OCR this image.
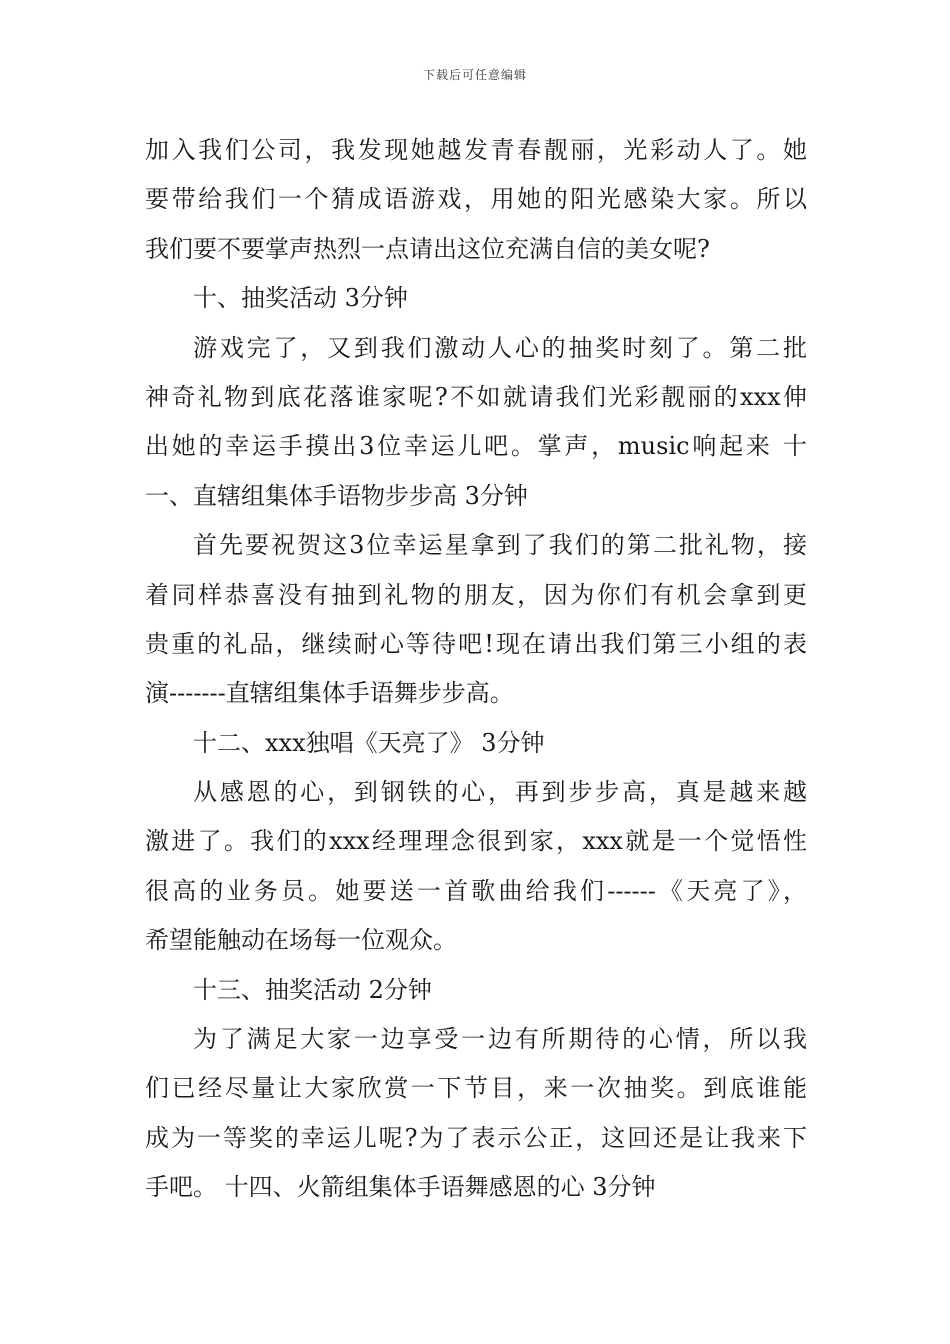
下载后可任意编辑
加入我们公司，我发现她越发青春靓丽，光彩动人了。她
要带给我们一个猜成语游戏，用她的阳光感染大家。所以
我们要不要掌声热烈一点请出这位充满自信的美女呢?
十、抽奖活动 3分钟
游戏完了，又到我们激动人心的抽奖时刻了。第二批
神奇礼物到底花落谁家呢?不如就请我们光彩靓丽的xxx伸
出她的幸运手摸出3位幸运儿吧。掌声，music响起来 十
一、直辖组集体手语物步步高 3分钟
首先要祝贺这3位幸运星拿到了我们的第二批礼物，接
着同样恭喜没有抽到礼物的朋友，因为你们有机会拿到更
贵重的礼品，继续耐心等待吧!现在请出我们第三小组的表
演-------直辖组集体手语舞步步高。
十二、xxx独唱《天亮了》 3分钟
从感恩的心，到钢铁的心，再到步步高，真是越来越
激进了。我们的xxx经理理念很到家，xxx就是一个觉悟性
很高的业务员。她要送一首歌曲给我们------《天亮了》，
希望能触动在场每一位观众。
十三、抽奖活动 2分钟
为了满足大家一边享受一边有所期待的心情，所以我
们已经尽量让大家欣赏一下节目，来一次抽奖。到底谁能
成为一等奖的幸运儿呢?为了表示公正，这回还是让我来下
手吧。 十四、火箭组集体手语舞感恩的心 3分钟
